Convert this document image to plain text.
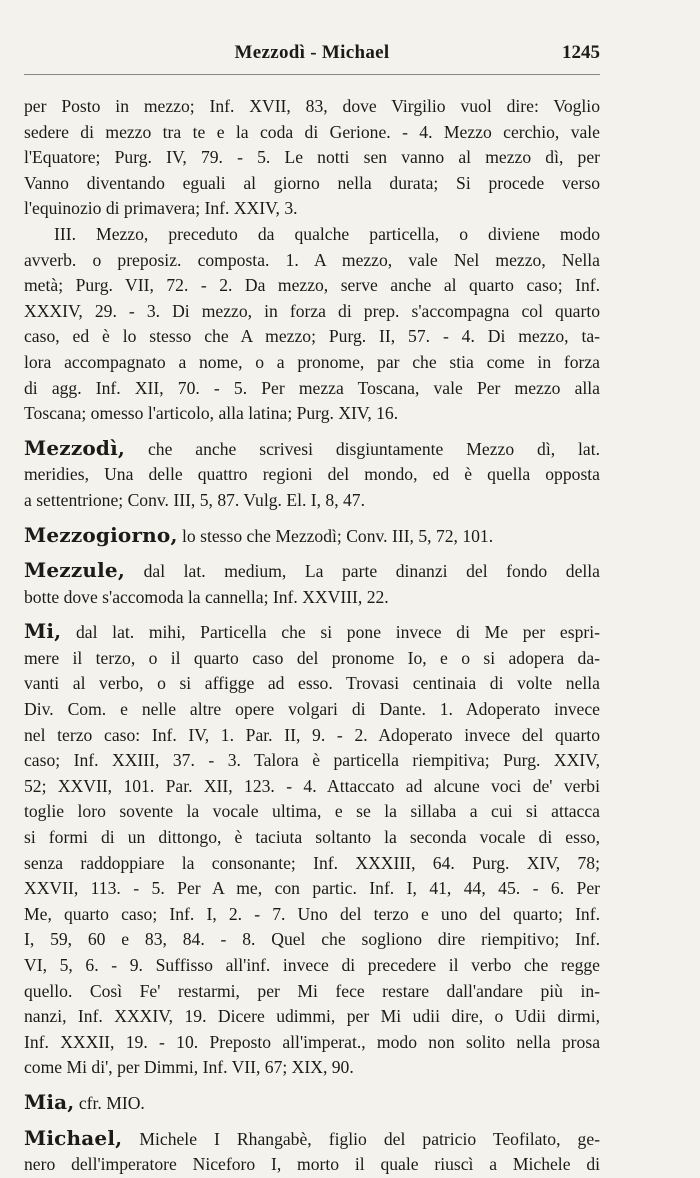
Mezzodì - Michael	1245
per Posto in mezzo; Inf. XVII, 83, dove Virgilio vuol dire: Voglio
sedere di mezzo tra te e la coda di Gerione. - 4. Mezzo cerchio, vale
l'Equatore; Purg. IV, 79. - 5. Le notti sen vanno al mezzo dì, per
Vanno diventando eguali al giorno nella durata; Si procede verso
l'equinozio di primavera; Inf. XXIV, 3.
III. Mezzo, preceduto da qualche particella, o diviene modo
avverb. o preposiz. composta. 1. A mezzo, vale Nel mezzo, Nella
metà; Purg. VII, 72. - 2. Da mezzo, serve anche al quarto caso; Inf.
XXXIV, 29. - 3. Di mezzo, in forza di prep. s'accompagna col quarto
caso, ed è lo stesso che A mezzo; Purg. II, 57. - 4. Di mezzo, ta-
lora accompagnato a nome, o a pronome, par che stia come in forza
di agg. Inf. XII, 70. - 5. Per mezza Toscana, vale Per mezzo alla
Toscana; omesso l'articolo, alla latina; Purg. XIV, 16.
Mezzodì, che anche scrivesi disgiuntamente Mezzo dì, lat.
meridies, Una delle quattro regioni del mondo, ed è quella opposta
a settentrione; Conv. III, 5, 87. Vulg. El. I, 8, 47.
Mezzogiorno, lo stesso che Mezzodì; Conv. III, 5, 72, 101.
Mezzule, dal lat. medium, La parte dinanzi del fondo della
botte dove s'accomoda la cannella; Inf. XXVIII, 22.
Mi, dal lat. mihi, Particella che si pone invece di Me per espri-
mere il terzo, o il quarto caso del pronome Io, e o si adopera da-
vanti al verbo, o si affigge ad esso. Trovasi centinaia di volte nella
Div. Com. e nelle altre opere volgari di Dante. 1. Adoperato invece
nel terzo caso: Inf. IV, 1. Par. II, 9. - 2. Adoperato invece del quarto
caso; Inf. XXIII, 37. - 3. Talora è particella riempitiva; Purg. XXIV,
52; XXVII, 101. Par. XII, 123. - 4. Attaccato ad alcune voci de' verbi
toglie loro sovente la vocale ultima, e se la sillaba a cui si attacca
si formi di un dittongo, è taciuta soltanto la seconda vocale di esso,
senza raddoppiare la consonante; Inf. XXXIII, 64. Purg. XIV, 78;
XXVII, 113. - 5. Per A me, con partic. Inf. I, 41, 44, 45. - 6. Per
Me, quarto caso; Inf. I, 2. - 7. Uno del terzo e uno del quarto; Inf.
I, 59, 60 e 83, 84. - 8. Quel che sogliono dire riempitivo; Inf.
VI, 5, 6. - 9. Suffisso all'inf. invece di precedere il verbo che regge
quello. Così Fe' restarmi, per Mi fece restare dall'andare più in-
nanzi, Inf. XXXIV, 19. Dicere udimmi, per Mi udii dire, o Udii dirmi,
Inf. XXXII, 19. - 10. Preposto all'imperat., modo non solito nella prosa
come Mi di', per Dimmi, Inf. VII, 67; XIX, 90.
Mia, cfr. MIO.
Michael, Michele I Rhangabè, figlio del patricio Teofilato, ge-
nero dell'imperatore Niceforo I, morto il quale riuscì a Michele di
